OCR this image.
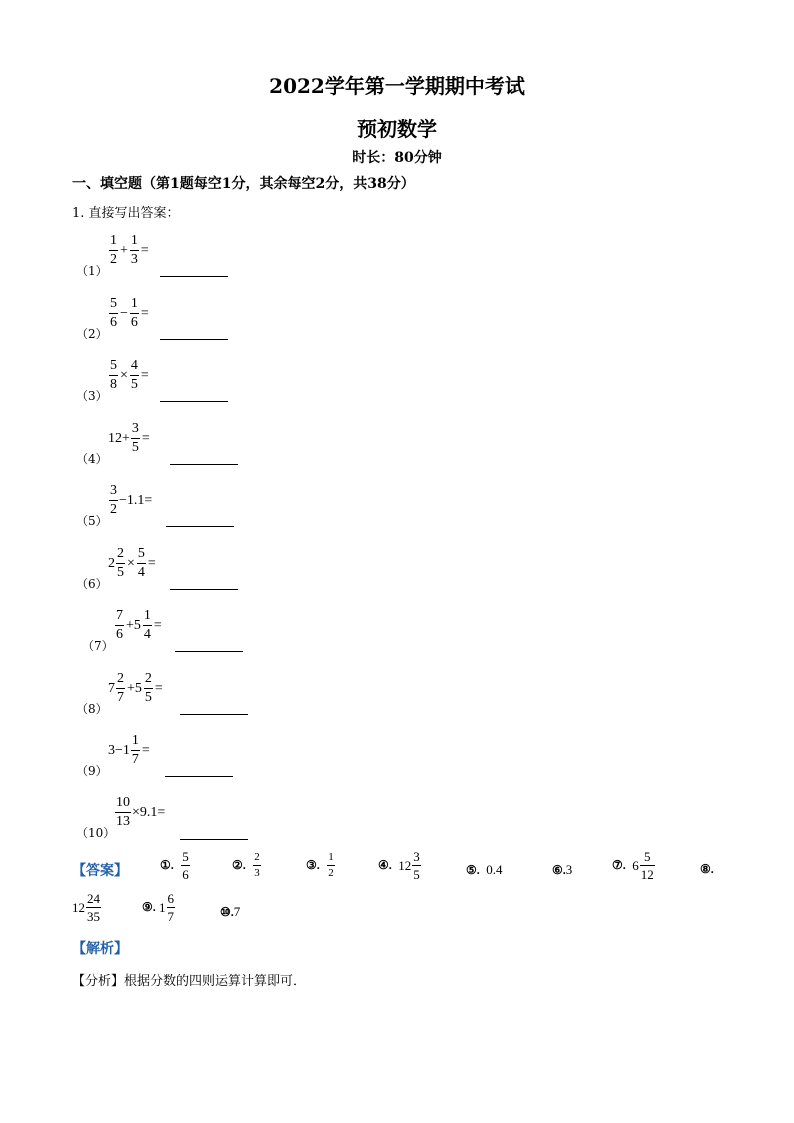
2022学年第一学期期中考试
预初数学
时长：80分钟
一、填空题（第1题每空1分，其余每空2分，共38分）
1. 直接写出答案：
（1）
$\frac{1}{2} + \frac{1}{3}$ =
（2）
$\frac{5}{6} - \frac{1}{6}$ =
（3）
$\frac{5}{8} \times \frac{4}{5}$ =
（4）
$12+ \frac{3}{5}$ =
（5）
$\frac{3}{2} -1.1=$
（6）
$2 \frac{2}{5} \times \frac{5}{4}$ =
（7）
$\frac{7}{6} +5 \frac{1}{4}$ =
（8）
$7 \frac{2}{7} +5 \frac{2}{5}$ =
（9）
$3-1 \frac{1}{7}$ =
（10）
$\frac{10}{13} \times 9.1=$
【答案】	①.
$\frac{5}{6}$	②.
$\frac{2}{3}$	③.
$\frac{1}{2}$	④.
$12 \frac{3}{5}$	⑤.
0.4	⑥. 3	⑦.
$6 \frac{5}{12}$	⑧.
$12 \frac{24}{35}$	⑨.
$1 \frac{6}{7}$	⑩. 7
【解析】
【分析】根据分数的四则运算计算即可．
